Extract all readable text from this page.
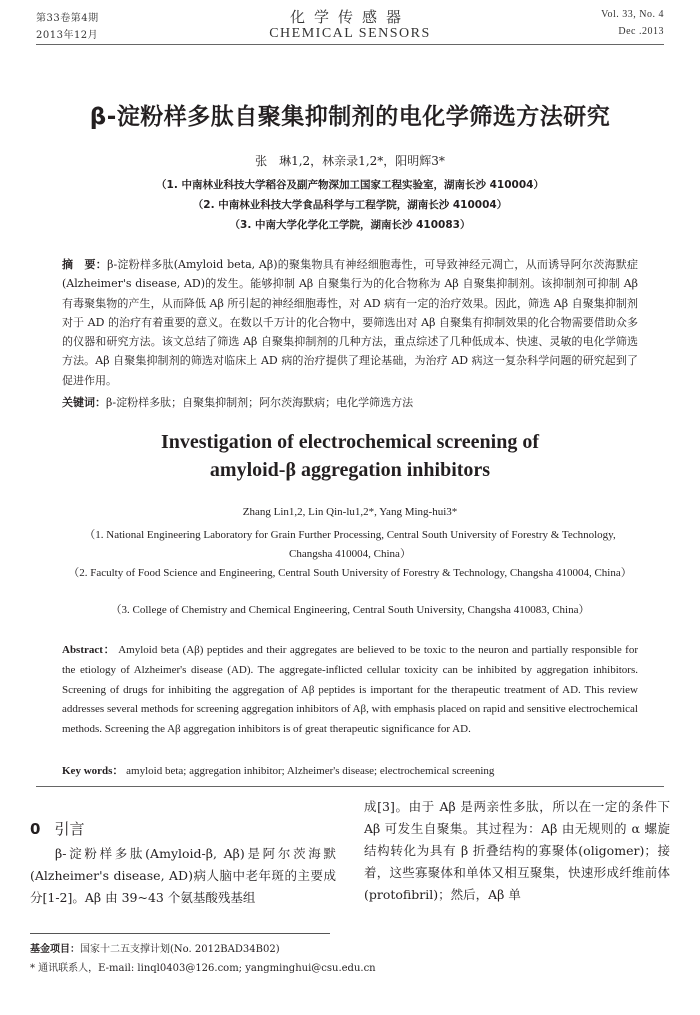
第33卷第4期
2013年12月
化学传感器
CHEMICAL SENSORS
Vol. 33, No. 4
Dec .2013
β-淀粉样多肽自聚集抑制剂的电化学筛选方法研究
张　琳1,2，林亲录1,2*，阳明辉3*
（1. 中南林业科技大学稻谷及副产物深加工国家工程实验室，湖南长沙 410004）
（2. 中南林业科技大学食品科学与工程学院，湖南长沙 410004）
（3. 中南大学化学化工学院，湖南长沙 410083）
摘　要：β-淀粉样多肽(Amyloid beta, Aβ)的聚集物具有神经细胞毒性，可导致神经元凋亡，从而诱导阿尔茨海默症(Alzheimer's disease, AD)的发生。能够抑制 Aβ 自聚集行为的化合物称为 Aβ 自聚集抑制剂。该抑制剂可抑制 Aβ 有毒聚集物的产生，从而降低 Aβ 所引起的神经细胞毒性，对 AD 病有一定的治疗效果。因此，筛选 Aβ 自聚集抑制剂对于 AD 的治疗有着重要的意义。在数以千万计的化合物中，要筛选出对 Aβ 自聚集有抑制效果的化合物需要借助众多的仪器和研究方法。该文总结了筛选 Aβ 自聚集抑制剂的几种方法，重点综述了几种低成本、快速、灵敏的电化学筛选方法。Aβ 自聚集抑制剂的筛选对临床上 AD 病的治疗提供了理论基础，为治疗 AD 病这一复杂科学问题的研究起到了促进作用。
关键词：β-淀粉样多肽；自聚集抑制剂；阿尔茨海默病；电化学筛选方法
Investigation of electrochemical screening of amyloid-β aggregation inhibitors
Zhang Lin1,2, Lin Qin-lu1,2*, Yang Ming-hui3*
（1. National Engineering Laboratory for Grain Further Processing, Central South University of Forestry & Technology, Changsha 410004, China）
（2. Faculty of Food Science and Engineering, Central South University of Forestry & Technology, Changsha 410004, China）
（3. College of Chemistry and Chemical Engineering, Central South University, Changsha 410083, China）
Abstract： Amyloid beta (Aβ) peptides and their aggregates are believed to be toxic to the neuron and partially responsible for the etiology of Alzheimer's disease (AD). The aggregate-inflicted cellular toxicity can be inhibited by aggregation inhibitors. Screening of drugs for inhibiting the aggregation of Aβ peptides is important for the therapeutic treatment of AD. This review addresses several methods for screening aggregation inhibitors of Aβ, with emphasis placed on rapid and sensitive electrochemical methods. Screening the Aβ aggregation inhibitors is of great therapeutic significance for AD.
Key words： amyloid beta; aggregation inhibitor; Alzheimer's disease; electrochemical screening
0 引言
β-淀粉样多肽(Amyloid-β, Aβ)是阿尔茨海默(Alzheimer's disease, AD)病人脑中老年斑的主要成分[1-2]。Aβ 由 39~43 个氨基酸残基组
成[3]。由于 Aβ 是两亲性多肽，所以在一定的条件下 Aβ 可发生自聚集。其过程为：Aβ 由无规则的 α 螺旋结构转化为具有 β 折叠结构的寡聚体(oligomer)；接着，这些寡聚体和单体又相互聚集，快速形成纤维前体(protofibril)；然后，Aβ 单
基金项目：国家十二五支撑计划(No. 2012BAD34B02)
* 通讯联系人，E-mail: linql0403@126.com; yangminghui@csu.edu.cn
